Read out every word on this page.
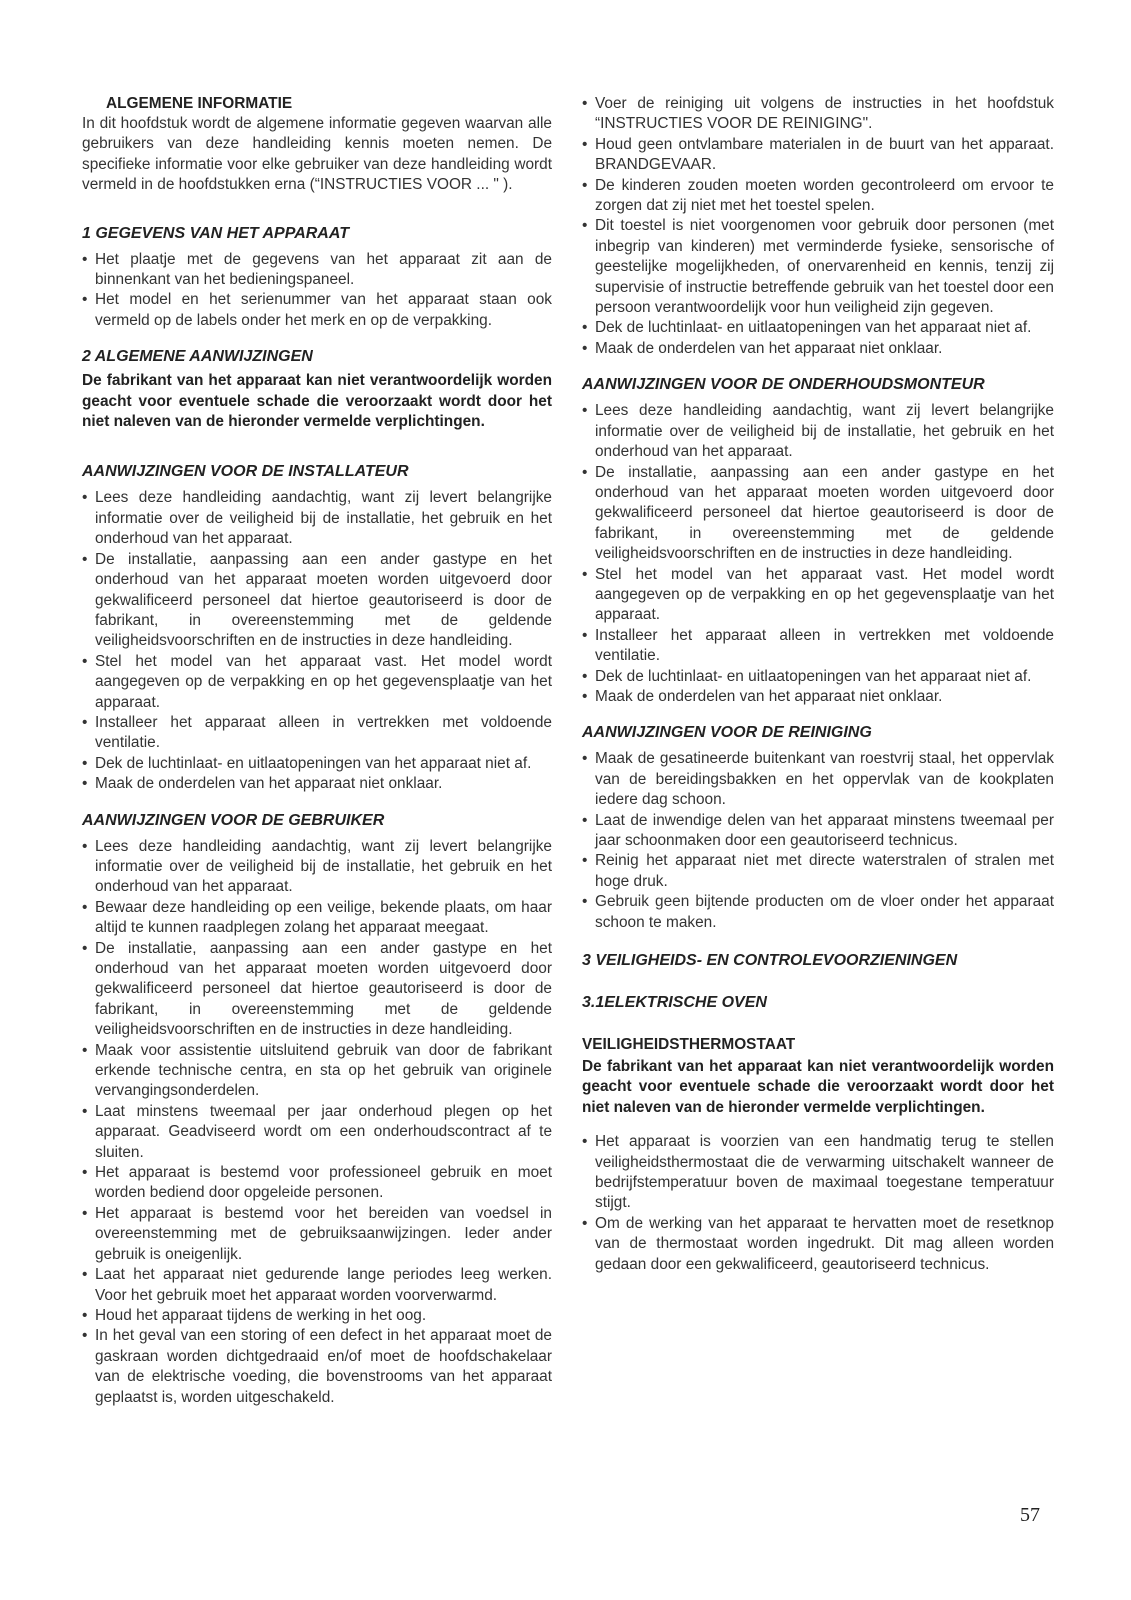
ALGEMENE INFORMATIE

In dit hoofdstuk wordt de algemene informatie gegeven waarvan alle gebruikers van deze handleiding kennis moeten nemen. De specifieke informatie voor elke gebruiker van deze handleiding wordt vermeld in de hoofdstukken erna (“INSTRUCTIES VOOR ... " ).

1 GEGEVENS VAN HET APPARAAT
• Het plaatje met de gegevens van het apparaat zit aan de binnenkant van het bedieningspaneel.
• Het model en het serienummer van het apparaat staan ook vermeld op de labels onder het merk en op de verpakking.
2 ALGEMENE AANWIJZINGEN

De fabrikant van het apparaat kan niet verantwoordelijk worden geacht voor eventuele schade die veroorzaakt wordt door het niet naleven van de hieronder vermelde verplichtingen.

AANWIJZINGEN VOOR DE INSTALLATEUR
• Lees deze handleiding aandachtig, want zij levert belangrijke informatie over de veiligheid bij de installatie, het gebruik en het onderhoud van het apparaat.
• De installatie, aanpassing aan een ander gastype en het onderhoud van het apparaat moeten worden uitgevoerd door gekwalificeerd personeel dat hiertoe geautoriseerd is door de fabrikant, in overeenstemming met de geldende veiligheidsvoorschriften en de instructies in deze handleiding.
• Stel het model van het apparaat vast. Het model wordt aangegeven op de verpakking en op het gegevensplaatje van het apparaat.
• Installeer het apparaat alleen in vertrekken met voldoende ventilatie.
• Dek de luchtinlaat- en uitlaatopeningen van het apparaat niet af.
• Maak de onderdelen van het apparaat niet onklaar.
AANWIJZINGEN VOOR DE GEBRUIKER
• Lees deze handleiding aandachtig, want zij levert belangrijke informatie over de veiligheid bij de installatie, het gebruik en het onderhoud van het apparaat.
• Bewaar deze handleiding op een veilige, bekende plaats, om haar altijd te kunnen raadplegen zolang het apparaat meegaat.
• De installatie, aanpassing aan een ander gastype en het onderhoud van het apparaat moeten worden uitgevoerd door gekwalificeerd personeel dat hiertoe geautoriseerd is door de fabrikant, in overeenstemming met de geldende veiligheidsvoorschriften en de instructies in deze handleiding.
• Maak voor assistentie uitsluitend gebruik van door de fabrikant erkende technische centra, en sta op het gebruik van originele vervangingsonderdelen.
• Laat minstens tweemaal per jaar onderhoud plegen op het apparaat. Geadviseerd wordt om een onderhoudscontract af te sluiten.
• Het apparaat is bestemd voor professioneel gebruik en moet worden bediend door opgeleide personen.
• Het apparaat is bestemd voor het bereiden van voedsel in overeenstemming met de gebruiksaanwijzingen. Ieder ander gebruik is oneigenlijk.
• Laat het apparaat niet gedurende lange periodes leeg werken. Voor het gebruik moet het apparaat worden voorverwarmd.
• Houd het apparaat tijdens de werking in het oog.
• In het geval van een storing of een defect in het apparaat moet de gaskraan worden dichtgedraaid en/of moet de hoofdschakelaar van de elektrische voeding, die bovenstrooms van het apparaat geplaatst is, worden uitgeschakeld.
• Voer de reiniging uit volgens de instructies in het hoofdstuk “INSTRUCTIES VOOR DE REINIGING".
• Houd geen ontvlambare materialen in de buurt van het apparaat. BRANDGEVAAR.
• De kinderen zouden moeten worden gecontroleerd om ervoor te zorgen dat zij niet met het toestel spelen.
• Dit toestel is niet voorgenomen voor gebruik door personen (met inbegrip van kinderen) met verminderde fysieke, sensorische of geestelijke mogelijkheden, of onervarenheid en kennis, tenzij zij supervisie of instructie betreffende gebruik van het toestel door een persoon verantwoordelijk voor hun veiligheid zijn gegeven.
• Dek de luchtinlaat- en uitlaatopeningen van het apparaat niet af.
• Maak de onderdelen van het apparaat niet onklaar.
AANWIJZINGEN VOOR DE ONDERHOUDSMONTEUR
• Lees deze handleiding aandachtig, want zij levert belangrijke informatie over de veiligheid bij de installatie, het gebruik en het onderhoud van het apparaat.
• De installatie, aanpassing aan een ander gastype en het onderhoud van het apparaat moeten worden uitgevoerd door gekwalificeerd personeel dat hiertoe geautoriseerd is door de fabrikant, in overeenstemming met de geldende veiligheidsvoorschriften en de instructies in deze handleiding.
• Stel het model van het apparaat vast. Het model wordt aangegeven op de verpakking en op het gegevensplaatje van het apparaat.
• Installeer het apparaat alleen in vertrekken met voldoende ventilatie.
• Dek de luchtinlaat- en uitlaatopeningen van het apparaat niet af.
• Maak de onderdelen van het apparaat niet onklaar.
AANWIJZINGEN VOOR DE REINIGING
• Maak de gesatineerde buitenkant van roestvrij staal, het oppervlak van de bereidingsbakken en het oppervlak van de kookplaten iedere dag schoon.
• Laat de inwendige delen van het apparaat minstens tweemaal per jaar schoonmaken door een geautoriseerd technicus.
• Reinig het apparaat niet met directe waterstralen of stralen met hoge druk.
• Gebruik geen bijtende producten om de vloer onder het apparaat schoon te maken.
3 VEILIGHEIDS- EN CONTROLEVOORZIENINGEN
3.1ELEKTRISCHE OVEN
VEILIGHEIDSTHERMOSTAAT

De fabrikant van het apparaat kan niet verantwoordelijk worden geacht voor eventuele schade die veroorzaakt wordt door het niet naleven van de hieronder vermelde verplichtingen.

• Het apparaat is voorzien van een handmatig terug te stellen veiligheidsthermostaat die de verwarming uitschakelt wanneer de bedrijfstemperatuur boven de maximaal toegestane temperatuur stijgt.
• Om de werking van het apparaat te hervatten moet de resetknop van de thermostaat worden ingedrukt. Dit mag alleen worden gedaan door een gekwalificeerd, geautoriseerd technicus.
57
